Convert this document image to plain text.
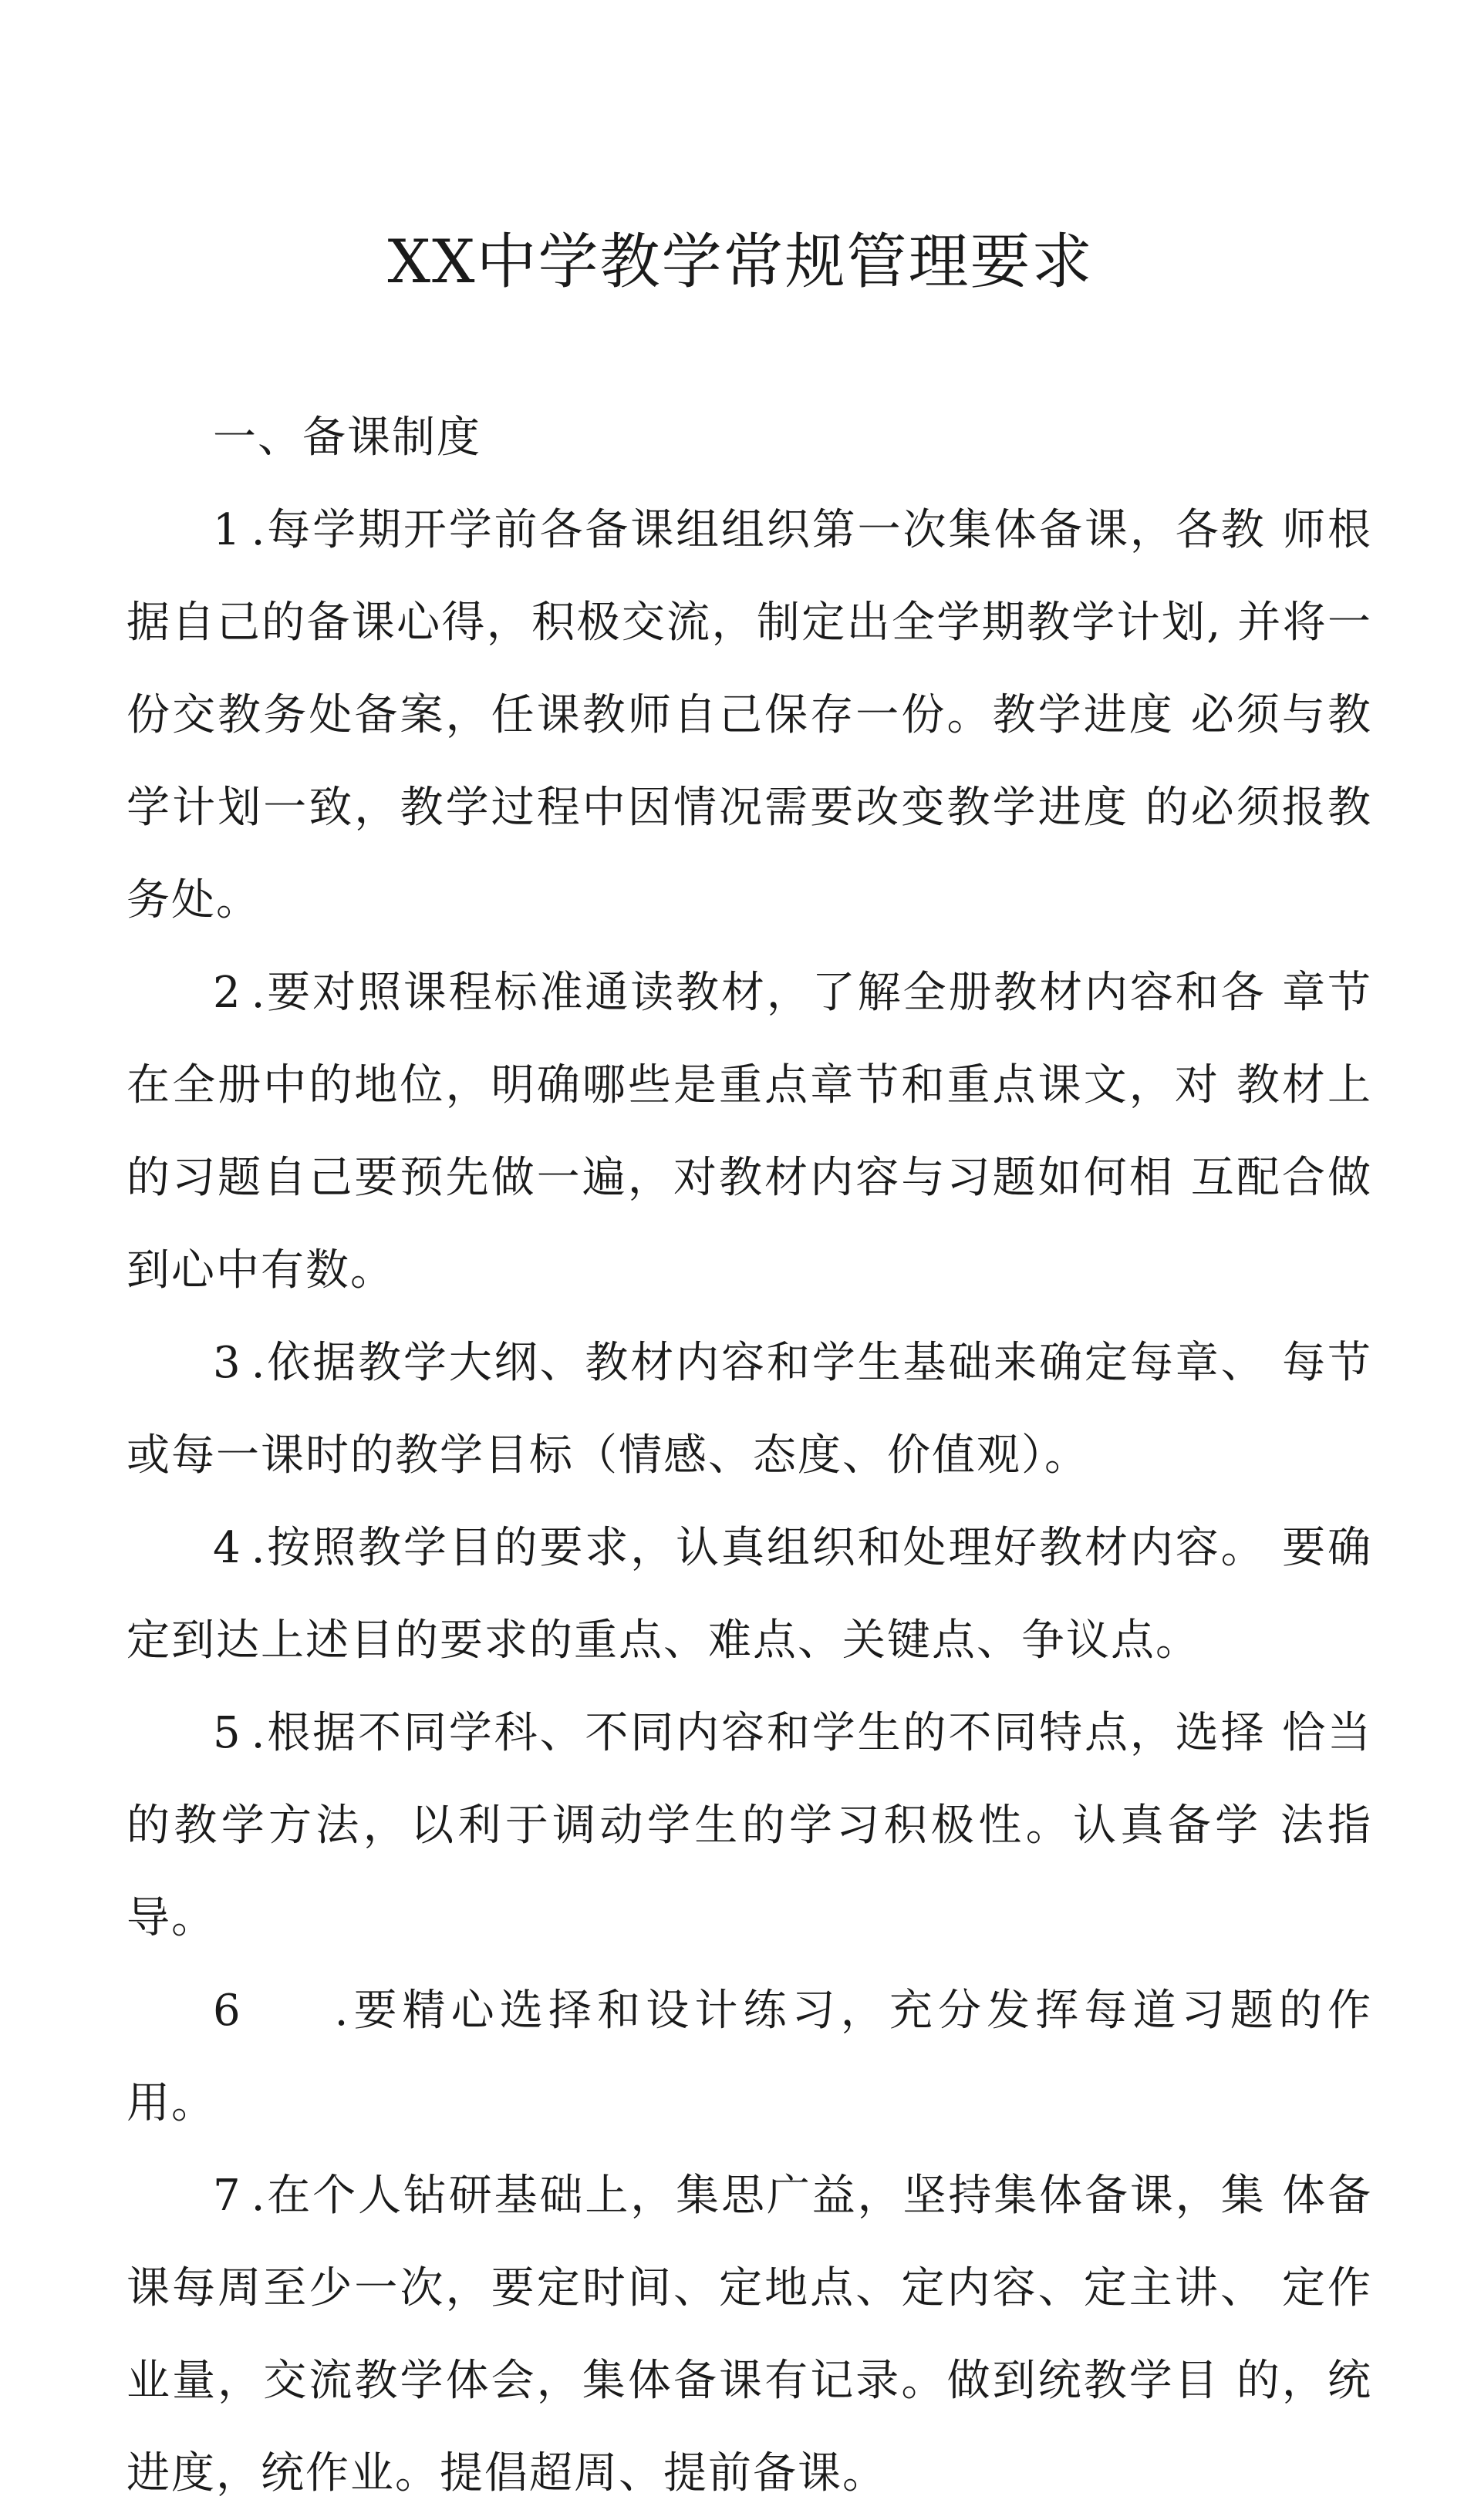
XX中学教学常规管理要求

一、备课制度

1 .每学期开学前各备课组组织第一次集体备课，各教 师根据自己的备课心得，积极交流，制定出全学期教学计划, 并将一份交教务处备案，任课教师自己保存一份。教学进度 必须与教学计划一致，教学过程中因情况需要改变教学进度 的必须报教务处。

2 .要对照课程标准通读教材，了解全册教材内容和各 章节在全册中的地位，明确哪些是重点章节和重点课文，对 教材上的习题自己要预先做一遍，对教材内容与习题如何相 互配合做到心中有数。

3 .依据教学大纲、教材内容和学生基础来确定每章、 每节或每一课时的教学目标（情感、态度、价值观）。

4 .按照教学目的要求，认真组织和处理好教材内容。 要确定到达上述目的要求的重点、难点、关键点、争议点。

5 .根据不同学科、不同内容和学生的不同特点，选择 恰当的教学方法，以利于调动学生的学习积极性。认真备学 法指导。

6 .要精心选择和设计练习，充分发挥每道习题的作用。

7 .在个人钻研基础上，集思广益，坚持集体备课，集 体备课每周至少一次，要定时间、定地点、定内容、定主讲、 定作业量，交流教学体会，集体备课有记录。做到统教学目 的，统进度，统作业。提倡超周、提前备课。
